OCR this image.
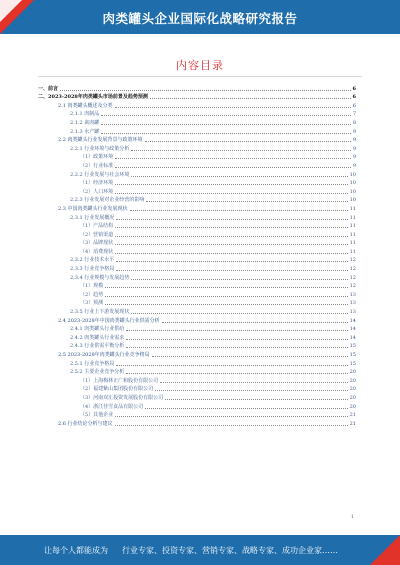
肉类罐头企业国际化战略研究报告
内容目录
一、前言	6
二、2023-2028年肉类罐头市场前景及趋势预测	6
2.1 肉类罐头概述及分类	6
2.1.1 肉制品	7
2.1.2 禽肉罐	8
2.1.3 水产罐	9
2.2 肉类罐头行业发展背景与政策环境	9
2.2.1 行业环境与政策分析	9
（1）政策环境	9
（2）行业标准	9
2.2.2 行业发展与社会环境	10
（1）经济环境	10
（2）人口环境	10
2.2.3 行业发展对企业经营的影响	10
2.3 中国肉类罐头行业发展现状	11
2.3.1 行业发展概况	11
（1）产品结构	11
（2）营销渠道	11
（3）品牌现状	11
（4）消费现状	11
2.3.2 行业技术水平	12
2.3.3 行业竞争格局	12
2.3.4 行业规模与发展趋势	12
（1）规模	12
（2）趋势	13
（3）预测	13
2.3.5 行业上下游发展现状	13
2.4 2023-2028年中国肉类罐头行业供需分析	14
2.4.1 肉类罐头行业供给	14
2.4.2 肉类罐头行业需求	14
2.4.3 行业供需平衡分析	15
2.5 2023-2028年肉类罐头行业竞争格局	15
2.5.1 行业竞争格局	15
2.5.2 主要企业竞争分析	20
（1）上海梅林正广和股份有限公司	20
（2）福建紫山集团股份有限公司	20
（3）河南双汇投资发展股份有限公司	20
（4）浙江佳雪食品有限公司	20
（5）其他企业	21
2.6 行业结论分析与建议	21
1
让每个人都能成为 行业专家、投资专家、营销专家、战略专家、成功企业家……
